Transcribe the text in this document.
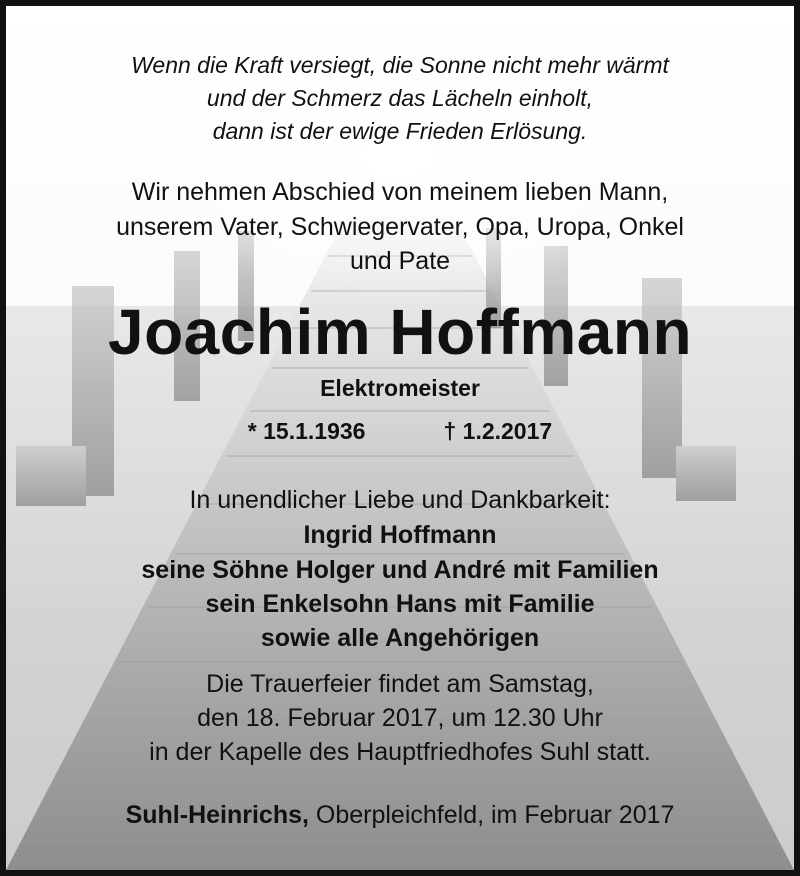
Wenn die Kraft versiegt, die Sonne nicht mehr wärmt
und der Schmerz das Lächeln einholt,
dann ist der ewige Frieden Erlösung.
Wir nehmen Abschied von meinem lieben Mann,
unserem Vater, Schwiegervater, Opa, Uropa, Onkel
und Pate
Joachim Hoffmann
Elektromeister
* 15.1.1936	† 1.2.2017
In unendlicher Liebe und Dankbarkeit:
Ingrid Hoffmann
seine Söhne Holger und André mit Familien
sein Enkelsohn Hans mit Familie
sowie alle Angehörigen
Die Trauerfeier findet am Samstag,
den 18. Februar 2017, um 12.30 Uhr
in der Kapelle des Hauptfriedhofes Suhl statt.
Suhl-Heinrichs, Oberpleichfeld, im Februar 2017
